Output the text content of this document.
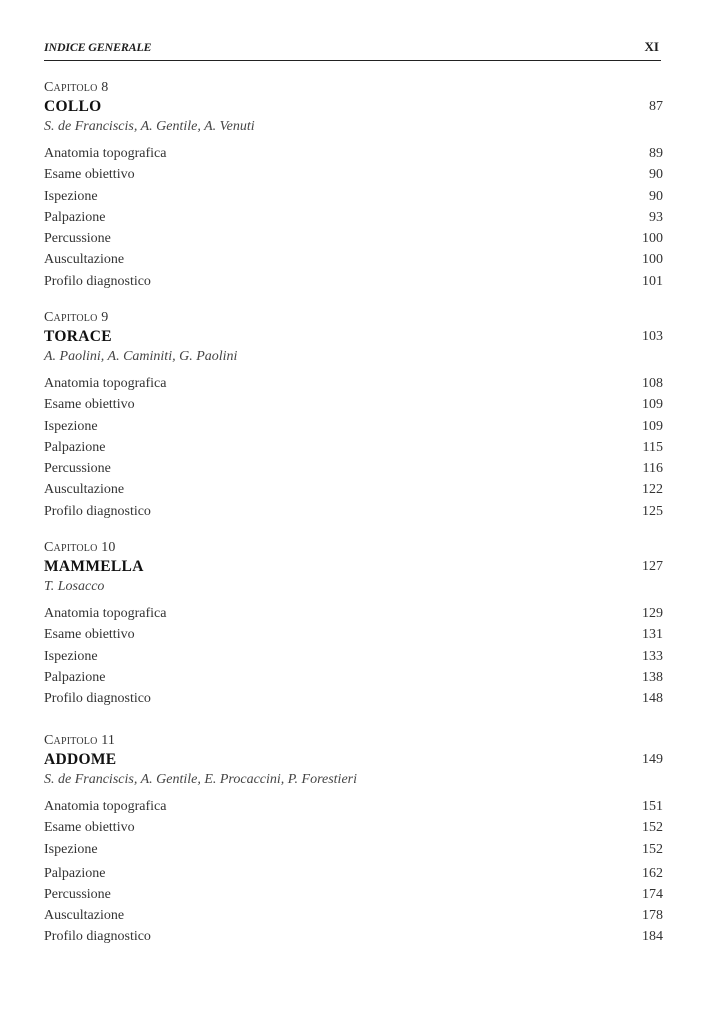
INDICE GENERALE	XI
Capitolo 8
COLLO	87
S. de Franciscis, A. Gentile, A. Venuti
Anatomia topografica	89
Esame obiettivo	90
Ispezione	90
Palpazione	93
Percussione	100
Auscultazione	100
Profilo diagnostico	101
Capitolo 9
TORACE	103
A. Paolini, A. Caminiti, G. Paolini
Anatomia topografica	108
Esame obiettivo	109
Ispezione	109
Palpazione	115
Percussione	116
Auscultazione	122
Profilo diagnostico	125
Capitolo 10
MAMMELLA	127
T. Losacco
Anatomia topografica	129
Esame obiettivo	131
Ispezione	133
Palpazione	138
Profilo diagnostico	148
Capitolo 11
ADDOME	149
S. de Franciscis, A. Gentile, E. Procaccini, P. Forestieri
Anatomia topografica	151
Esame obiettivo	152
Ispezione	152
Palpazione	162
Percussione	174
Auscultazione	178
Profilo diagnostico	184
